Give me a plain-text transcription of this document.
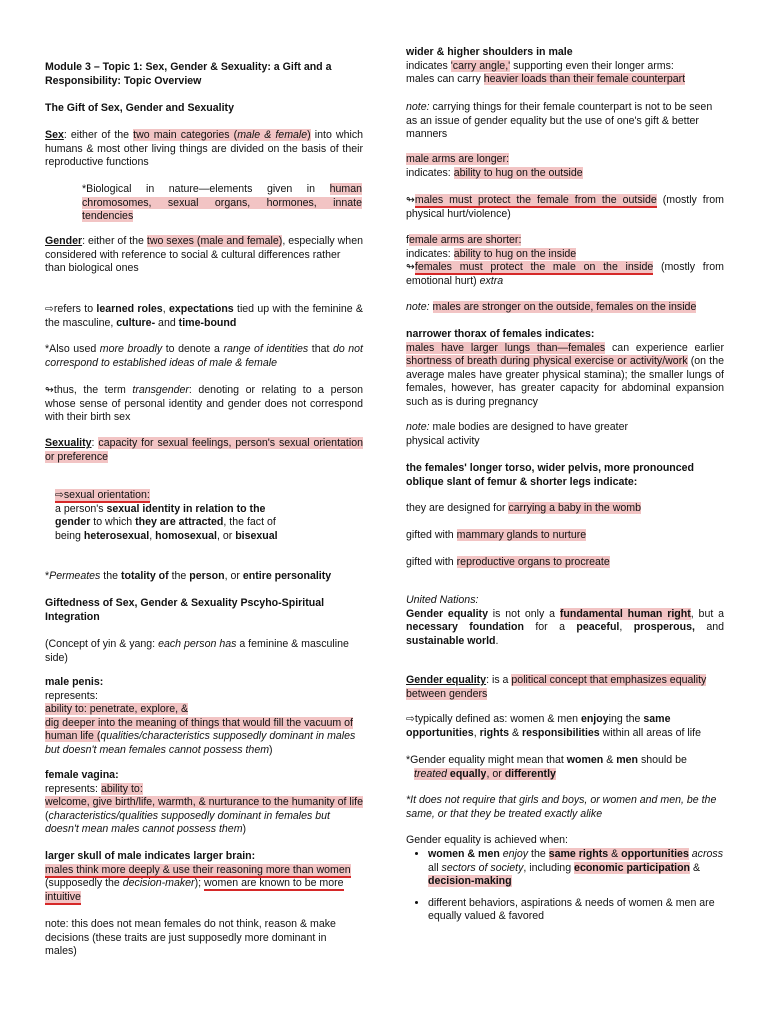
Module 3 – Topic 1: Sex, Gender & Sexuality: a Gift and a Responsibility: Topic Overview
The Gift of Sex, Gender and Sexuality
Sex: either of the two main categories (male & female) into which humans & most other living things are divided on the basis of their reproductive functions
*Biological in nature—elements given in human chromosomes, sexual organs, hormones, innate tendencies
Gender: either of the two sexes (male and female), especially when considered with reference to social & cultural differences rather than biological ones
⇨refers to learned roles, expectations tied up with the feminine & the masculine, culture- and time-bound
*Also used more broadly to denote a range of identities that do not correspond to established ideas of male & female
↬thus, the term transgender: denoting or relating to a person whose sense of personal identity and gender does not correspond with their birth sex
Sexuality: capacity for sexual feelings, person's sexual orientation or preference
⇨sexual orientation:
a person's sexual identity in relation to the gender to which they are attracted, the fact of being heterosexual, homosexual, or bisexual
*Permeates the totality of the person, or entire personality
Giftedness of Sex, Gender & Sexuality Pscyho-Spiritual Integration
(Concept of yin & yang: each person has a feminine & masculine side)
male penis:
represents:
ability to: penetrate, explore, &
dig deeper into the meaning of things that would fill the vacuum of human life (qualities/characteristics supposedly dominant in males but doesn't mean females cannot possess them)
female vagina:
represents: ability to:
welcome, give birth/life, warmth, & nurturance to the humanity of life (characteristics/qualities supposedly dominant in females but doesn't mean males cannot possess them)
larger skull of male indicates larger brain:
males think more deeply & use their reasoning more than women (supposedly the decision-maker); women are known to be more intuitive
note: this does not mean females do not think, reason & make decisions (these traits are just supposedly more dominant in males)
wider & higher shoulders in male
indicates 'carry angle,' supporting even their longer arms:
males can carry heavier loads than their female counterpart
note: carrying things for their female counterpart is not to be seen as an issue of gender equality but the use of one's gift & better manners
male arms are longer:
indicates: ability to hug on the outside
↬males must protect the female from the outside (mostly from physical hurt/violence)
female arms are shorter:
indicates: ability to hug on the inside
↬females must protect the male on the inside (mostly from emotional hurt) extra
note: males are stronger on the outside, females on the inside
narrower thorax of females indicates:
males have larger lungs than—females can experience earlier shortness of breath during physical exercise or activity/work (on the average males have greater physical stamina); the smaller lungs of females, however, has greater capacity for abdominal expansion such as is during pregnancy
note: male bodies are designed to have greater physical activity
the females' longer torso, wider pelvis, more pronounced oblique slant of femur & shorter legs indicate:
they are designed for carrying a baby in the womb
gifted with mammary glands to nurture
gifted with reproductive organs to procreate
United Nations:
Gender equality is not only a fundamental human right, but a necessary foundation for a peaceful, prosperous, and sustainable world.
Gender equality: is a political concept that emphasizes equality between genders
⇨typically defined as: women & men enjoying the same opportunities, rights & responsibilities within all areas of life
*Gender equality might mean that women & men should be
treated equally, or differently
*It does not require that girls and boys, or women and men, be the same, or that they be treated exactly alike
Gender equality is achieved when:
• women & men enjoy the same rights & opportunities across all sectors of society, including economic participation & decision-making
• different behaviors, aspirations & needs of women & men are equally valued & favored
